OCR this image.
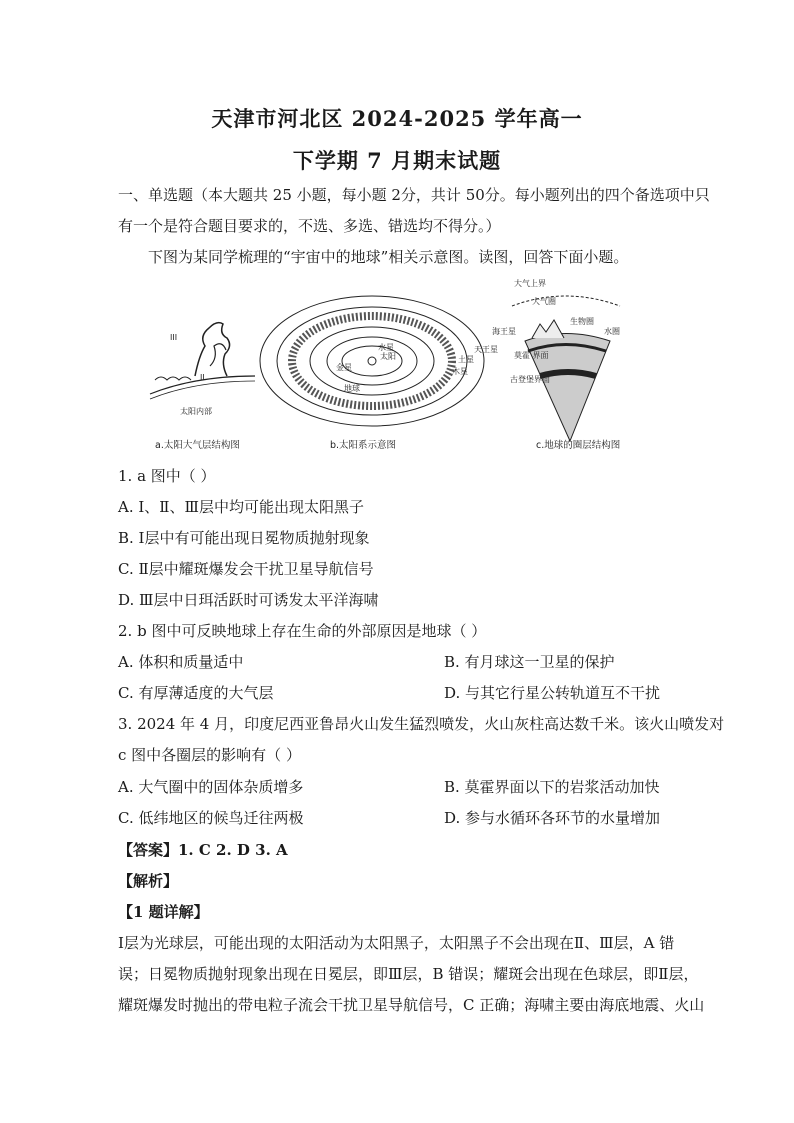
天津市河北区 2024-2025 学年高一
下学期 7 月期末试题
一、单选题（本大题共 25 小题，每小题 2分，共计 50分。每小题列出的四个备选项中只
有一个是符合题目要求的，不选、多选、错选均不得分。）
下图为某同学梳理的“宇宙中的地球”相关示意图。读图，回答下面小题。
III
II
太阳内部
a.太阳大气层结构图
太阳
水星
金星
地球
木星
土星
天王星
海王星
b.太阳系示意图
大气上界
大气圈
生物圈
水圈
莫霍 界面
古登堡界面
c.地球的圈层结构图
1. a 图中（ ）
A. Ⅰ、Ⅱ、Ⅲ层中均可能出现太阳黑子
B. Ⅰ层中有可能出现日冕物质抛射现象
C. Ⅱ层中耀斑爆发会干扰卫星导航信号
D. Ⅲ层中日珥活跃时可诱发太平洋海啸
2. b 图中可反映地球上存在生命的外部原因是地球（ ）
A. 体积和质量适中	B. 有月球这一卫星的保护
C. 有厚薄适度的大气层	D. 与其它行星公转轨道互不干扰
3. 2024 年 4 月，印度尼西亚鲁昂火山发生猛烈喷发，火山灰柱高达数千米。该火山喷发对
c 图中各圈层的影响有（ ）
A. 大气圈中的固体杂质增多	B. 莫霍界面以下的岩浆活动加快
C. 低纬地区的候鸟迁往两极	D. 参与水循环各环节的水量增加
【答案】1. C 2. D 3. A
【解析】
【1 题详解】
Ⅰ层为光球层，可能出现的太阳活动为太阳黑子，太阳黑子不会出现在Ⅱ、Ⅲ层，A 错
误；日冕物质抛射现象出现在日冕层，即Ⅲ层，B 错误；耀斑会出现在色球层，即Ⅱ层，
耀斑爆发时抛出的带电粒子流会干扰卫星导航信号，C 正确；海啸主要由海底地震、火山
